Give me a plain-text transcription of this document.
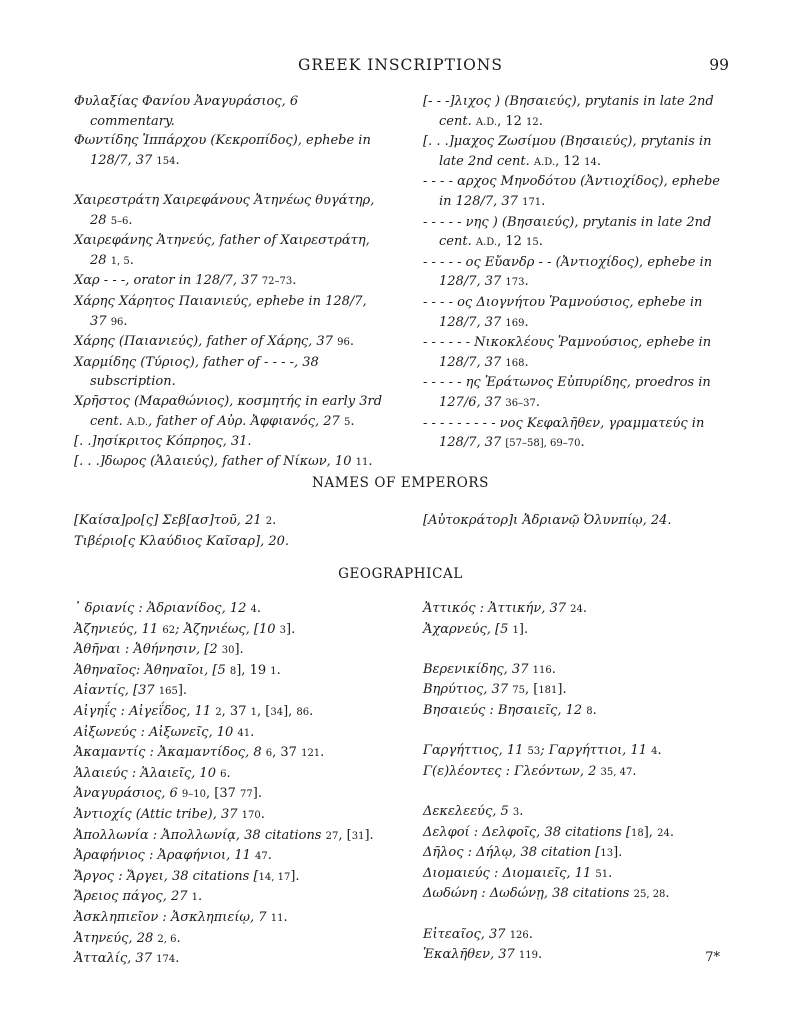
GREEK INSCRIPTIONS	99
Φυλαξίας Φανίου Ἀναγυράσιος, 6 commentary.
Φωντίδης Ἱππάρχου (Κεκροπίδος), ephebe in 128/7, 37 154.
Χαιρεστράτη Χαιρεφάνους Ἀτηνέως θυγάτηρ, 28 5–6.
Χαιρεφάνης Ἀτηνεύς, father of Χαιρεστράτη, 28 1, 5.
Χαρ - - -, orator in 128/7, 37 72–73.
Χάρης Χάρητος Παιανιεύς, ephebe in 128/7, 37 96.
Χάρης (Παιανιεύς), father of Χάρης, 37 96.
Χαρμίδης (Τύριος), father of - - - -, 38 subscription.
Χρῆστος (Μαραθώνιος), κοσμητής in early 3rd cent. A.D., father of Αὐρ. Ἀφφιανός, 27 5.
[. .]ησίκριτος Κόπρηος, 31.
[. . .]δωρος (Ἁλαιεύς), father of Νίκων, 10 11.
[- - -]λιχος ) (Βησαιεύς), prytanis in late 2nd cent. A.D., 12 12.
[. . .]μαχος Ζωσίμου (Βησαιεύς), prytanis in late 2nd cent. A.D., 12 14.
- - - - αρχος Μηνοδότου (Ἀντιοχίδος), ephebe in 128/7, 37 171.
- - - - - νης ) (Βησαιεύς), prytanis in late 2nd cent. A.D., 12 15.
- - - - - ος Εὔανδρ - - (Ἀντιοχίδος), ephebe in 128/7, 37 173.
- - - - ος Διογνήτου Ῥαμνούσιος, ephebe in 128/7, 37 169.
- - - - - - Νικοκλέους Ῥαμνούσιος, ephebe in 128/7, 37 168.
- - - - - ης Ἐράτωνος Εὐπυρίδης, proedros in 127/6, 37 36–37.
- - - - - - - - - νος Κεφαλῆθεν, γραμματεύς in 128/7, 37 [57–58], 69–70.
NAMES OF EMPERORS
[Καίσα]ρο[ς] Σεβ[ασ]τοῦ, 21 2.
Τιβέριο[ς Κλαύδιος Καῖσαρ], 20.
[Αὐτοκράτορ]ι Ἀδριανῷ Ὀλυνπίῳ, 24.
GEOGRAPHICAL
᾿ δριανίς : Ἀδριανίδος, 12 4.
Ἀζηνιεύς, 11 62; Ἀζηνιέως, [10 3].
Ἀθῆναι : Ἀθήνησιν, [2 30].
Ἀθηναῖος: Ἀθηναῖοι, [5 8], 19 1.
Αἰαντίς, [37 165].
Αἰγηΐς : Αἰγεΐδος, 11 2, 37 1, [34], 86.
Αἰξωνεύς : Αἰξωνεῖς, 10 41.
Ἀκαμαντίς : Ἀκαμαντίδος, 8 6, 37 121.
Ἁλαιεύς : Ἁλαιεῖς, 10 6.
Ἀναγυράσιος, 6 9–10, [37 77].
Ἀντιοχίς (Attic tribe), 37 170.
Ἀπολλωνία : Ἀπολλωνίᾳ, 38 citations 27, [31].
Ἀραφήνιος : Ἀραφήνιοι, 11 47.
Ἄργος : Ἄργει, 38 citations [14, 17].
Ἄρειος πάγος, 27 1.
Ἀσκληπιεῖον : Ἀσκληπιείῳ, 7 11.
Ἀτηνεύς, 28 2, 6.
Ἀτταλίς, 37 174.
Ἀττικός : Ἀττικήν, 37 24.
Ἀχαρνεύς, [5 1].
Βερενικίδης, 37 116.
Βηρύτιος, 37 75, [181].
Βησαιεύς : Βησαιεῖς, 12 8.
Γαργήττιος, 11 53; Γαργήττιοι, 11 4.
Γ(ε)λέοντες : Γλεόντων, 2 35, 47.
Δεκελεεύς, 5 3.
Δελφοί : Δελφοῖς, 38 citations [18], 24.
Δῆλος : Δήλῳ, 38 citation [13].
Διομαιεύς : Διομαιεῖς, 11 51.
Δωδώνη : Δωδώνῃ, 38 citations 25, 28.
Εἰτεαῖος, 37 126.
Ἑκαλῆθεν, 37 119.	7*
